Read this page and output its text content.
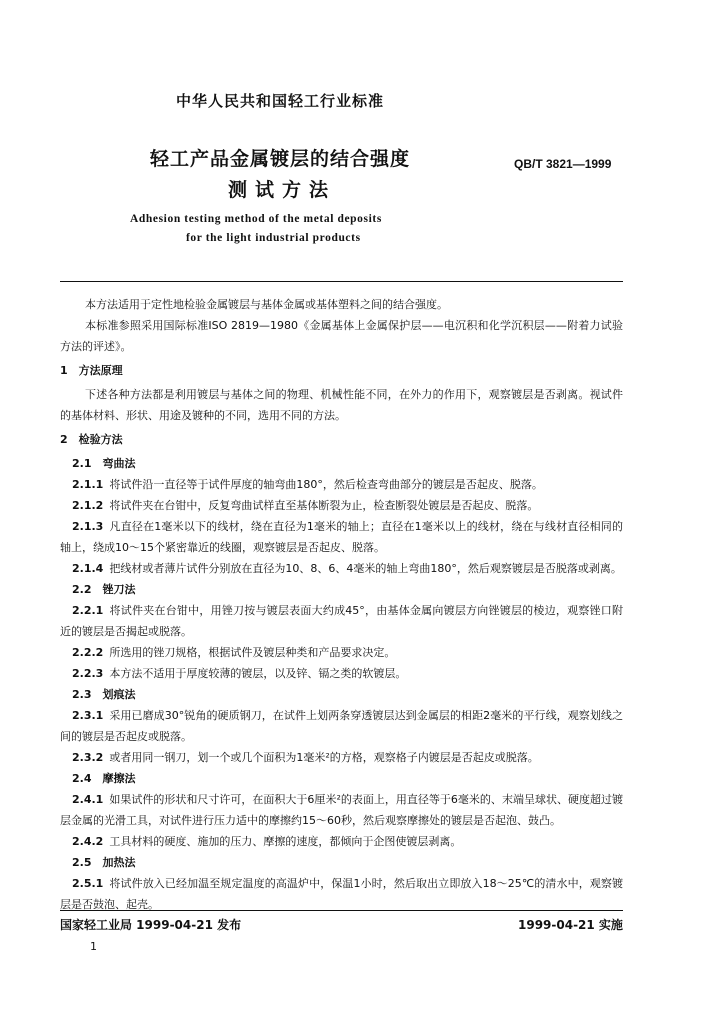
中华人民共和国轻工行业标准
轻工产品金属镀层的结合强度
测试方法
QB/T 3821—1999
Adhesion testing method of the metal deposits
for the light industrial products

本方法适用于定性地检验金属镀层与基体金属或基体塑料之间的结合强度。

本标准参照采用国际标准ISO 2819—1980《金属基体上金属保护层——电沉积和化学沉积层——附着力试验方法的评述》。

1　方法原理

下述各种方法都是利用镀层与基体之间的物理、机械性能不同，在外力的作用下，观察镀层是否剥离。视试件的基体材料、形状、用途及镀种的不同，选用不同的方法。

2　检验方法
2.1　弯曲法

2.1.1 将试件沿一直径等于试件厚度的轴弯曲180°，然后检查弯曲部分的镀层是否起皮、脱落。

2.1.2 将试件夹在台钳中，反复弯曲试样直至基体断裂为止，检查断裂处镀层是否起皮、脱落。

2.1.3 凡直径在1毫米以下的线材，绕在直径为1毫米的轴上；直径在1毫米以上的线材，绕在与线材直径相同的轴上，绕成10～15个紧密靠近的线圈，观察镀层是否起皮、脱落。

2.1.4 把线材或者薄片试件分别放在直径为10、8、6、4毫米的轴上弯曲180°，然后观察镀层是否脱落或剥离。

2.2　锉刀法

2.2.1 将试件夹在台钳中，用锉刀按与镀层表面大约成45°，由基体金属向镀层方向锉镀层的棱边，观察锉口附近的镀层是否揭起或脱落。

2.2.2 所选用的锉刀规格，根据试件及镀层种类和产品要求决定。

2.2.3 本方法不适用于厚度较薄的镀层，以及锌、镉之类的软镀层。

2.3　划痕法

2.3.1 采用已磨成30°锐角的硬质钢刀，在试件上划两条穿透镀层达到金属层的相距2毫米的平行线，观察划线之间的镀层是否起皮或脱落。

2.3.2 或者用同一钢刀，划一个或几个面积为1毫米²的方格，观察格子内镀层是否起皮或脱落。

2.4　摩擦法

2.4.1 如果试件的形状和尺寸许可，在面积大于6厘米²的表面上，用直径等于6毫米的、末端呈球状、硬度超过镀层金属的光滑工具，对试件进行压力适中的摩擦约15～60秒，然后观察摩擦处的镀层是否起泡、鼓凸。

2.4.2 工具材料的硬度、施加的压力、摩擦的速度，都倾向于企图使镀层剥离。

2.5　加热法

2.5.1 将试件放入已经加温至规定温度的高温炉中，保温1小时，然后取出立即放入18～25℃的清水中，观察镀层是否鼓泡、起壳。

国家轻工业局 1999-04-21 发布	1999-04-21 实施
1
